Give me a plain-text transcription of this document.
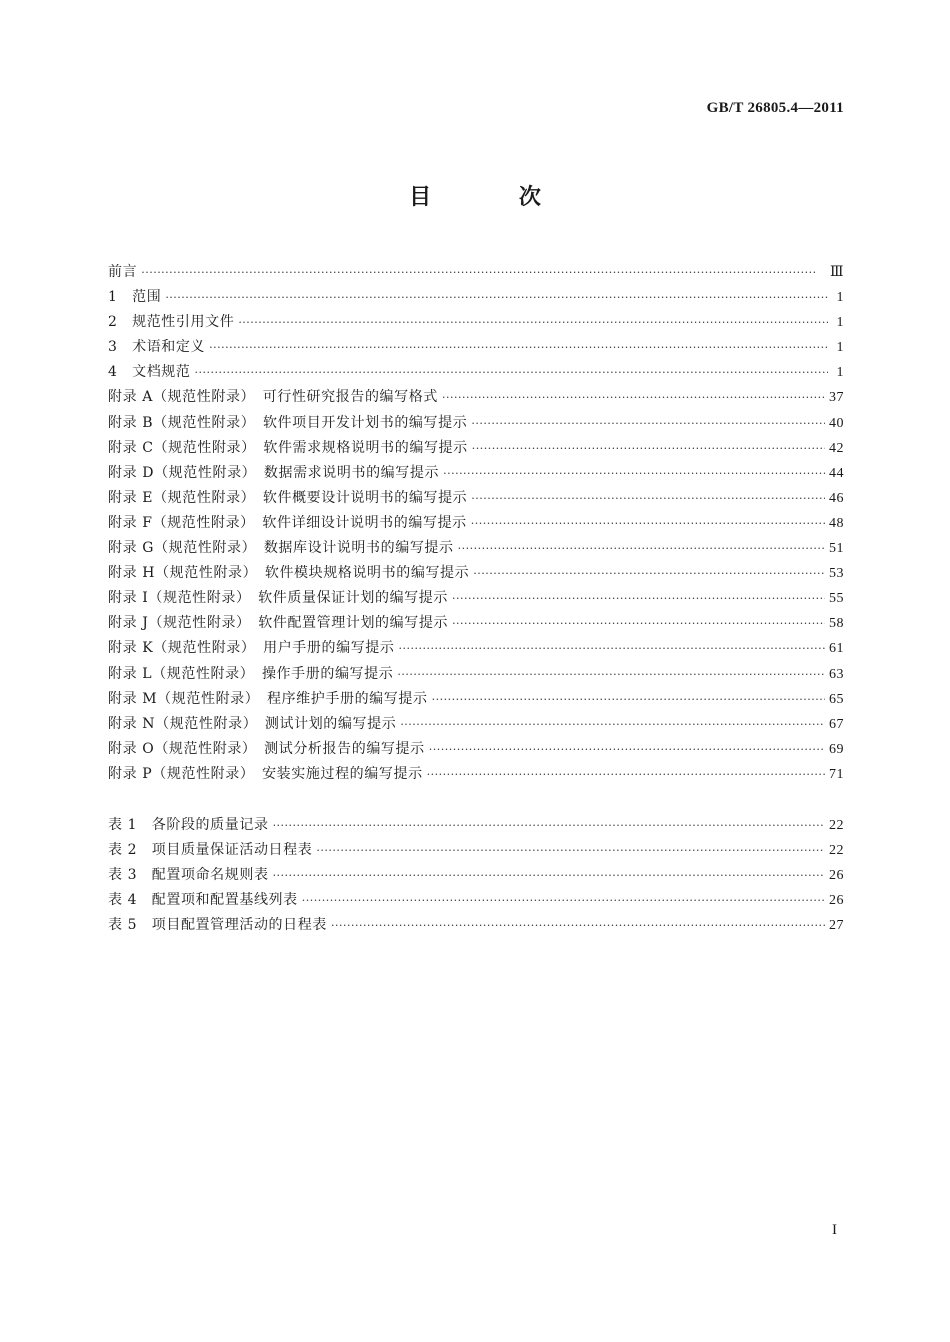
GB/T 26805.4—2011
目 次
前言 ·····	Ⅲ
1　范围 ·····	1
2　规范性引用文件 ·····	1
3　术语和定义 ·····	1
4　文档规范 ·····	1
附录 A（规范性附录）　可行性研究报告的编写格式 ·····	37
附录 B（规范性附录）　软件项目开发计划书的编写提示 ·····	40
附录 C（规范性附录）　软件需求规格说明书的编写提示 ·····	42
附录 D（规范性附录）　数据需求说明书的编写提示 ·····	44
附录 E（规范性附录）　软件概要设计说明书的编写提示 ·····	46
附录 F（规范性附录）　软件详细设计说明书的编写提示 ·····	48
附录 G（规范性附录）　数据库设计说明书的编写提示 ·····	51
附录 H（规范性附录）　软件模块规格说明书的编写提示 ·····	53
附录 I（规范性附录）　软件质量保证计划的编写提示 ·····	55
附录 J（规范性附录）　软件配置管理计划的编写提示 ·····	58
附录 K（规范性附录）　用户手册的编写提示 ·····	61
附录 L（规范性附录）　操作手册的编写提示 ·····	63
附录 M（规范性附录）　程序维护手册的编写提示 ·····	65
附录 N（规范性附录）　测试计划的编写提示 ·····	67
附录 O（规范性附录）　测试分析报告的编写提示 ·····	69
附录 P（规范性附录）　安装实施过程的编写提示 ·····	71
表 1　各阶段的质量记录 ·····	22
表 2　项目质量保证活动日程表 ·····	22
表 3　配置项命名规则表 ·····	26
表 4　配置项和配置基线列表 ·····	26
表 5　项目配置管理活动的日程表 ·····	27
I
